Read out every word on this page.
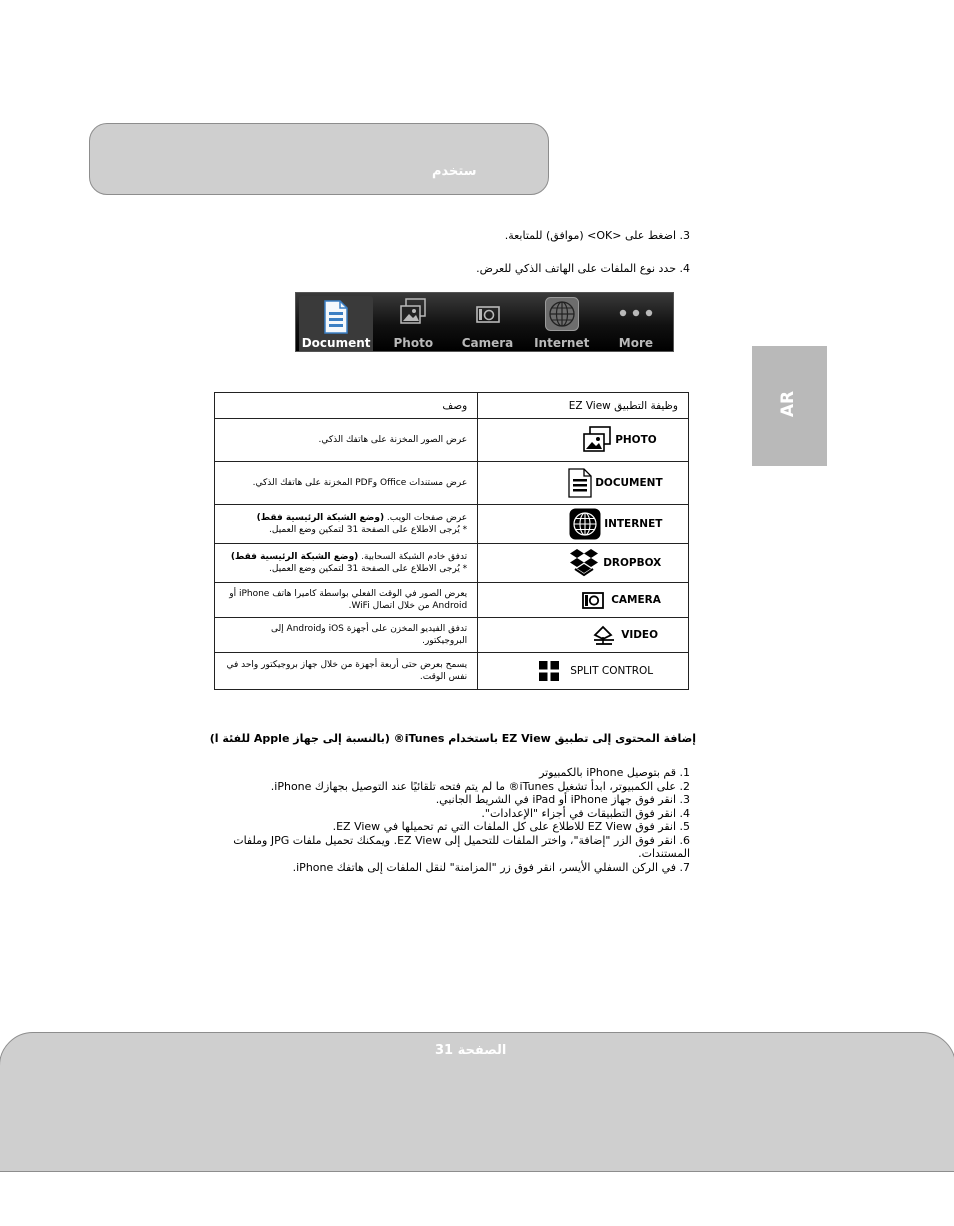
ستخدم
AR
3. اضغط على <OK> (موافق) للمتابعة.
4. حدد نوع الملفات على الهاتف الذكي للعرض.
Document	Photo	Camera	Internet	More
وصف	وظيفة التطبيق EZ View
عرض الصور المخزنة على هاتفك الذكي.	PHOTO

عرض مستندات Office وPDF المخزنة على هاتفك الذكي.	DOCUMENT

عرض صفحات الويب. (وضع الشبكة الرئيسية فقط)
* يُرجى الاطلاع على الصفحة 31 لتمكين وضع العميل.	INTERNET

تدفق خادم الشبكة السحابية. (وضع الشبكة الرئيسية فقط)
* يُرجى الاطلاع على الصفحة 31 لتمكين وضع العميل.	DROPBOX

يعرض الصور في الوقت الفعلي بواسطة كاميرا هاتف iPhone أو Android من خلال اتصال WiFi.	CAMERA

تدفق الفيديو المخزن على أجهزة iOS وAndroid إلى البروجيكتور.	VIDEO

يسمح بعرض حتى أربعة أجهزة من خلال جهاز بروجيكتور واحد في نفس الوقت.	SPLIT CONTROL
إضافة المحتوى إلى تطبيق EZ View باستخدام iTunes® (بالنسبة إلى جهاز Apple للفئة ا)
1. قم بتوصيل iPhone بالكمبيوتر
2. على الكمبيوتر، ابدأ تشغيل iTunes® ما لم يتم فتحه تلقائيًا عند التوصيل بجهازك iPhone.
3. انقر فوق جهاز iPhone أو iPad في الشريط الجانبي.
4. انقر فوق التطبيقات في أجزاء "الإعدادات".
5. انقر فوق EZ View للاطلاع على كل الملفات التي تم تحميلها في EZ View.
6. انقر فوق الزر "إضافة"، واختر الملفات للتحميل إلى EZ View. ويمكنك تحميل ملفات JPG وملفات المستندات.
7. في الركن السفلي الأيسر، انقر فوق زر "المزامنة" لنقل الملفات إلى هاتفك iPhone.
الصفحة 31
